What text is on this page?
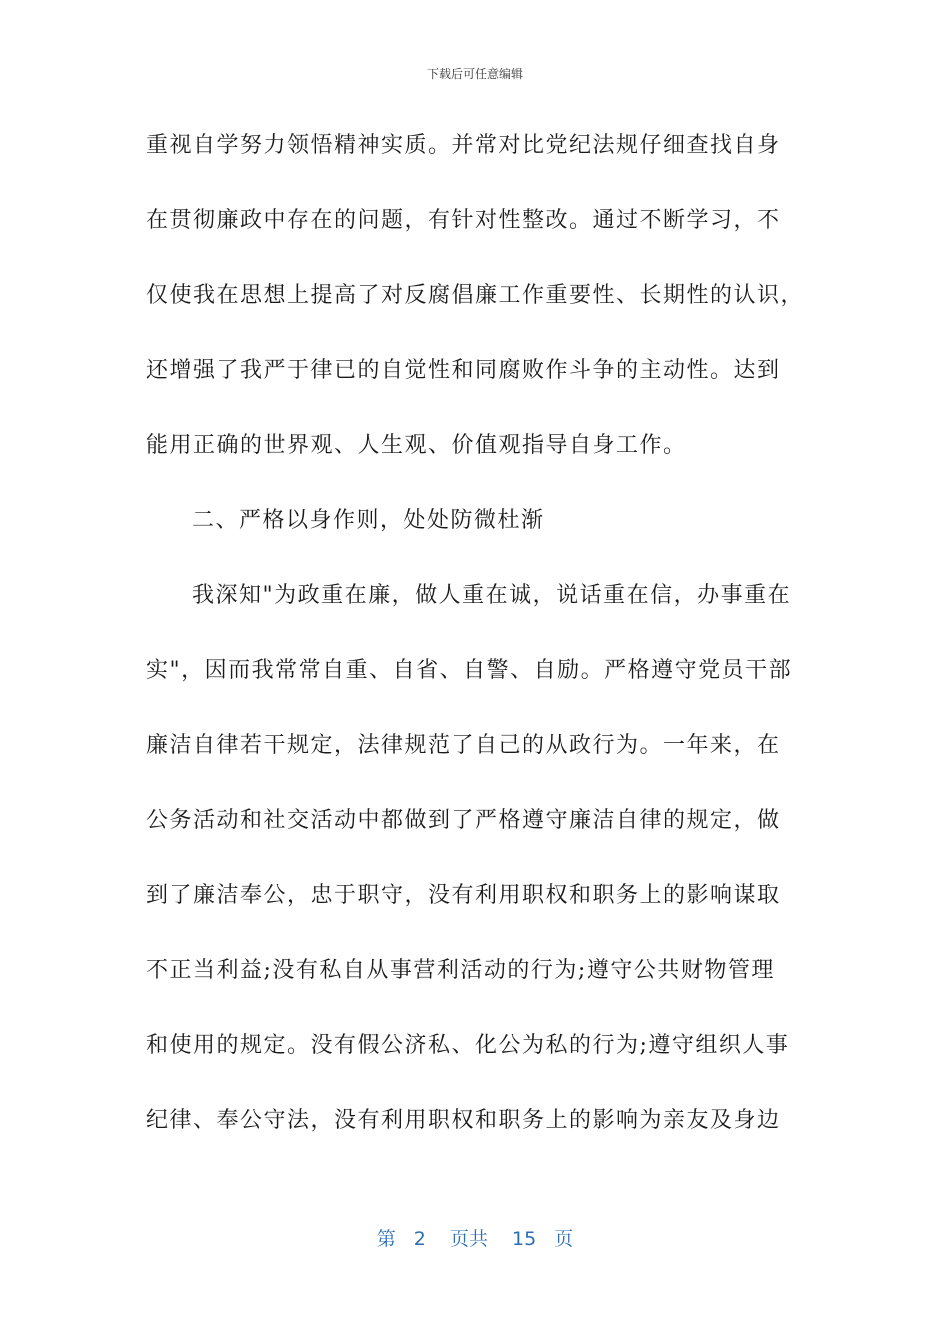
下载后可任意编辑
重视自学努力领悟精神实质。并常对比党纪法规仔细查找自身
在贯彻廉政中存在的问题，有针对性整改。通过不断学习，不
仅使我在思想上提高了对反腐倡廉工作重要性、长期性的认识，
还增强了我严于律已的自觉性和同腐败作斗争的主动性。达到
能用正确的世界观、人生观、价值观指导自身工作。
二、严格以身作则，处处防微杜渐
我深知"为政重在廉，做人重在诚，说话重在信，办事重在
实"，因而我常常自重、自省、自警、自励。严格遵守党员干部
廉洁自律若干规定，法律规范了自己的从政行为。一年来，在
公务活动和社交活动中都做到了严格遵守廉洁自律的规定，做
到了廉洁奉公，忠于职守，没有利用职权和职务上的影响谋取
不正当利益;没有私自从事营利活动的行为;遵守公共财物管理
和使用的规定。没有假公济私、化公为私的行为;遵守组织人事
纪律、奉公守法，没有利用职权和职务上的影响为亲友及身边
第 2 页共 15 页
